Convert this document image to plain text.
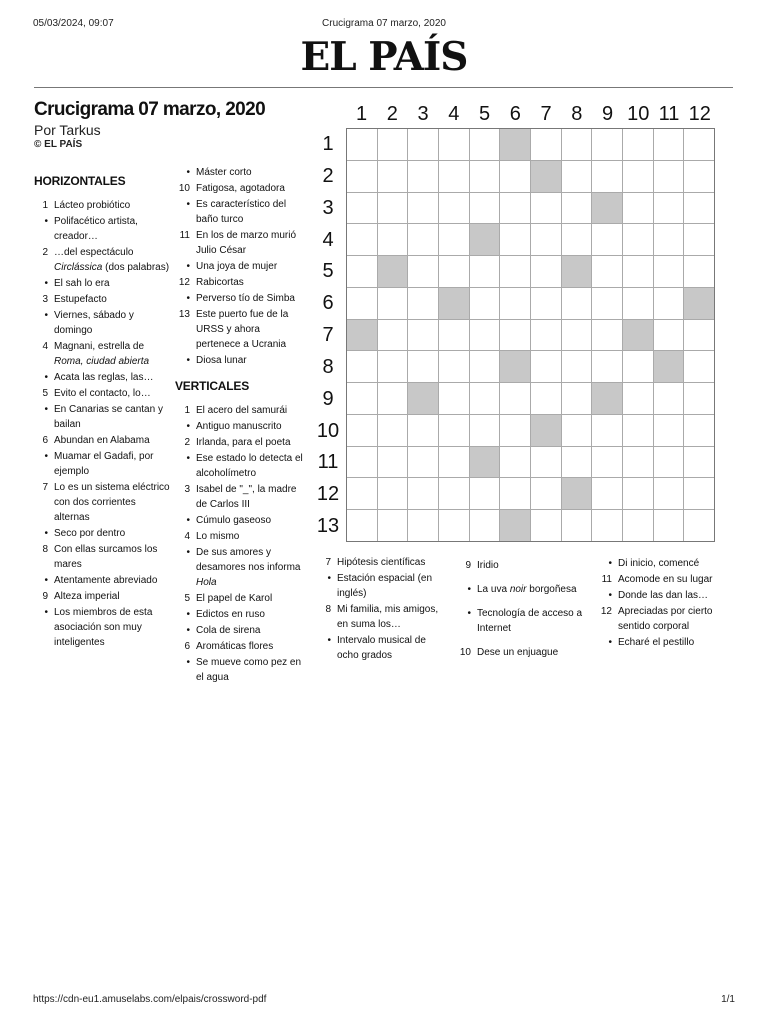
05/03/2024, 09:07	Crucigrama 07 marzo, 2020
EL PAÍS
Crucigrama 07 marzo, 2020
Por Tarkus
© EL PAÍS
HORIZONTALES
1 Lácteo probiótico
•
Polifacético artista, creador…
2 …del espectáculo Circlássica (dos palabras)
•
El sah lo era
3 Estupefacto
•
Viernes, sábado y domingo
4 Magnani, estrella de Roma, ciudad abierta
•
Acata las reglas, las…
5 Evito el contacto, lo…
•
En Canarias se cantan y bailan
6 Abundan en Alabama
•
Muamar el Gadafi, por ejemplo
7 Lo es un sistema eléctrico con dos corrientes alternas
•
Seco por dentro
8 Con ellas surcamos los mares
•
Atentamente abreviado
9 Alteza imperial
•
Los miembros de esta asociación son muy inteligentes
•
Máster corto
10 Fatigosa, agotadora
•
Es característico del baño turco
11 En los de marzo murió Julio César
•
Una joya de mujer
12 Rabicortas
•
Perverso tío de Simba
13 Este puerto fue de la URSS y ahora pertenece a Ucrania
•
Diosa lunar
VERTICALES
1 El acero del samurái
•
Antiguo manuscrito
2 Irlanda, para el poeta
•
Ese estado lo detecta el alcoholímetro
3 Isabel de "_", la madre de Carlos III
•
Cúmulo gaseoso
4 Lo mismo
•
De sus amores y desamores nos informa Hola
5 El papel de Karol
•
Edictos en ruso
•
Cola de sirena
6 Aromáticas flores
•
Se mueve como pez en el agua
7 Hipótesis científicas
•
Estación espacial (en inglés)
8 Mi familia, mis amigos, en suma los…
•
Intervalo musical de ocho grados
9 Iridio
•
La uva noir borgoñesa
•
Tecnología de acceso a Internet
10 Dese un enjuague
•
Di inicio, comencé
11 Acomode en su lugar
•
Donde las dan las…
12 Apreciadas por cierto sentido corporal
•
Echaré el pestillo
1 2 3 4 5 6 7 8 9 10 11 12
1
2
3
4
5
6
7
8
9
10
11
12
13
https://cdn-eu1.amuselabs.com/elpais/crossword-pdf	1/1
